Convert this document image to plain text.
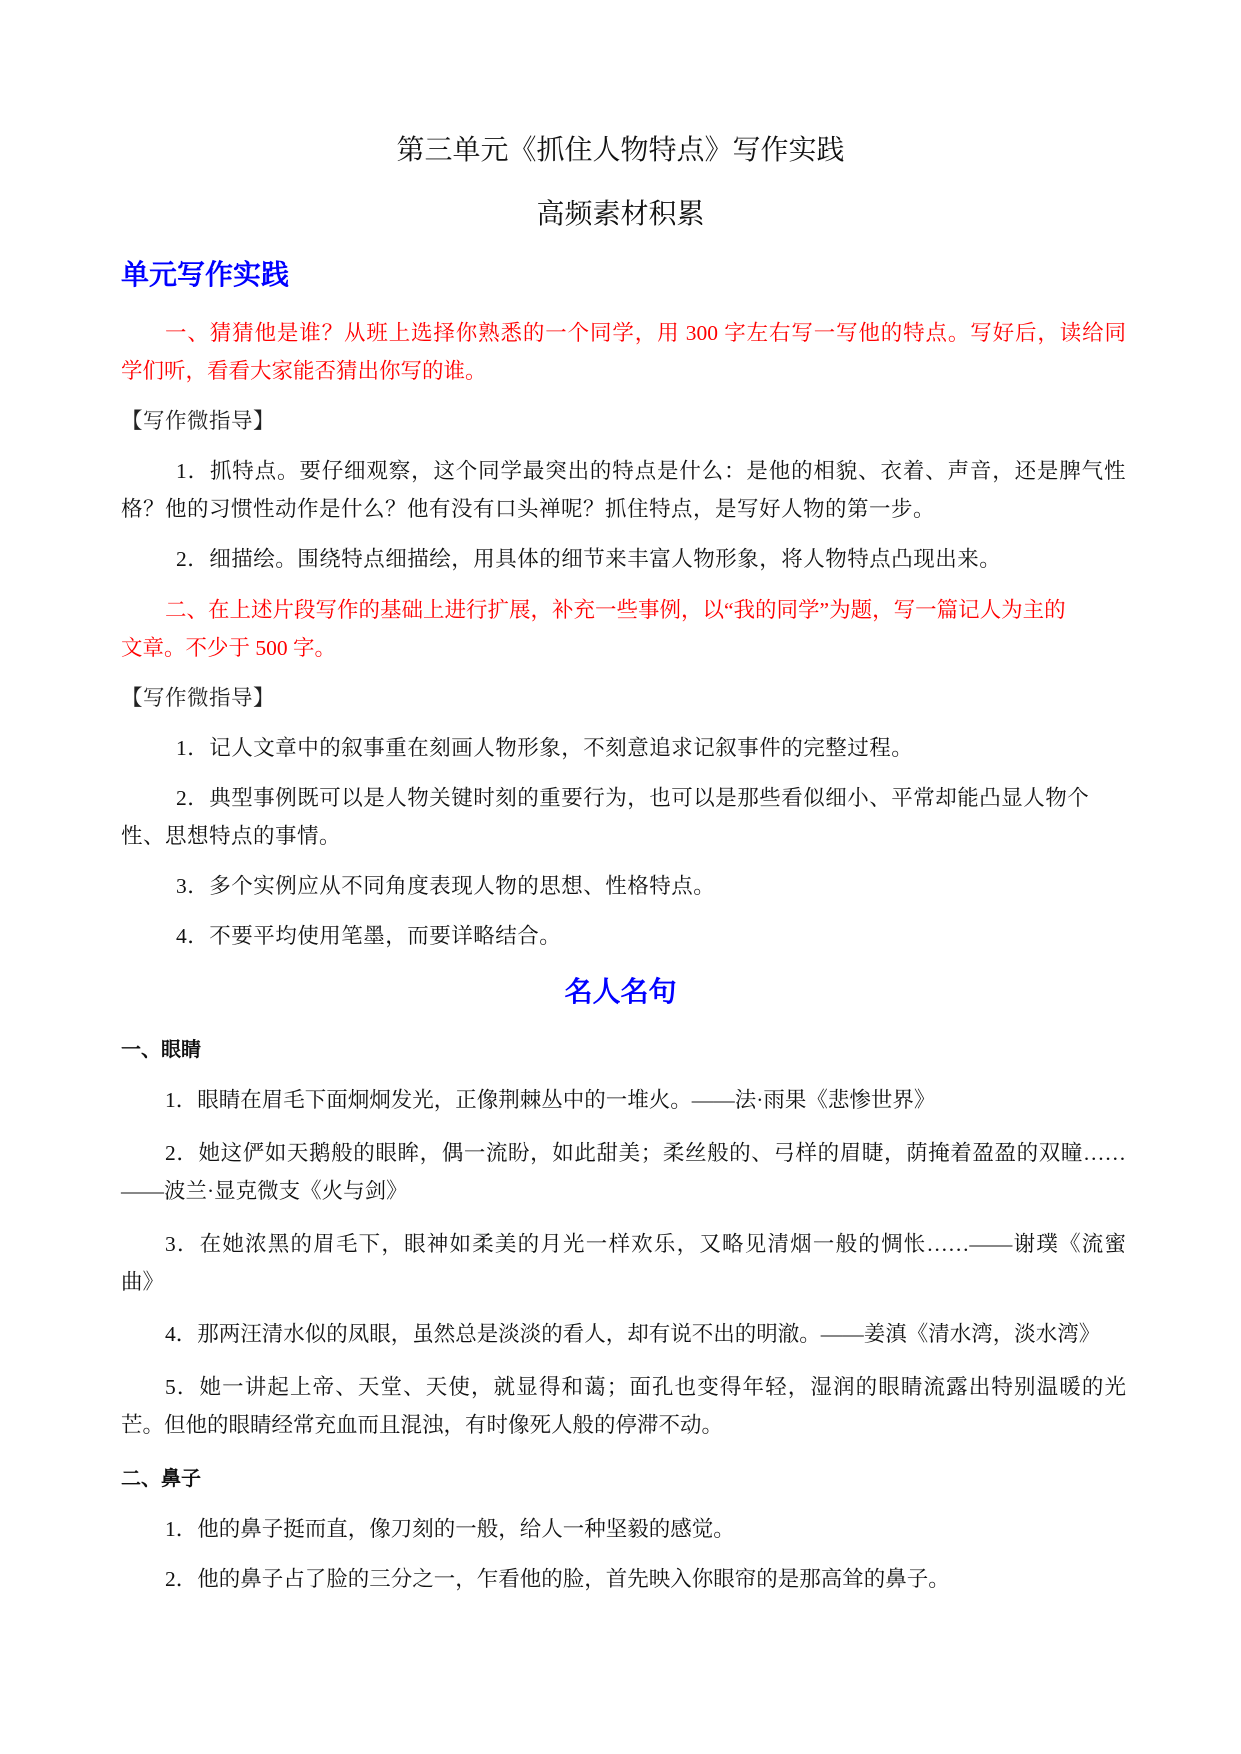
第三单元《抓住人物特点》写作实践
高频素材积累
单元写作实践
一、猜猜他是谁？从班上选择你熟悉的一个同学，用 300 字左右写一写他的特点。写好后，读给同
学们听，看看大家能否猜出你写的谁。
【写作微指导】
1．抓特点。要仔细观察，这个同学最突出的特点是什么：是他的相貌、衣着、声音，还是脾气性
格？他的习惯性动作是什么？他有没有口头禅呢？抓住特点，是写好人物的第一步。
2．细描绘。围绕特点细描绘，用具体的细节来丰富人物形象，将人物特点凸现出来。
二、在上述片段写作的基础上进行扩展，补充一些事例，以“我的同学”为题，写一篇记人为主的
文章。不少于 500 字。
【写作微指导】
1．记人文章中的叙事重在刻画人物形象，不刻意追求记叙事件的完整过程。
2．典型事例既可以是人物关键时刻的重要行为，也可以是那些看似细小、平常却能凸显人物个
性、思想特点的事情。
3．多个实例应从不同角度表现人物的思想、性格特点。
4．不要平均使用笔墨，而要详略结合。
名人名句
一、眼睛
1．眼睛在眉毛下面炯炯发光，正像荆棘丛中的一堆火。——法·雨果《悲惨世界》
2．她这俨如天鹅般的眼眸，偶一流盼，如此甜美；柔丝般的、弓样的眉睫，荫掩着盈盈的双瞳……
——波兰·显克微支《火与剑》
3．在她浓黑的眉毛下，眼神如柔美的月光一样欢乐，又略见清烟一般的惆怅……——谢璞《流蜜
曲》
4．那两汪清水似的凤眼，虽然总是淡淡的看人，却有说不出的明澈。——姜滇《清水湾，淡水湾》
5．她一讲起上帝、天堂、天使，就显得和蔼；面孔也变得年轻，湿润的眼睛流露出特别温暖的光
芒。但他的眼睛经常充血而且混浊，有时像死人般的停滞不动。
二、鼻子
1．他的鼻子挺而直，像刀刻的一般，给人一种坚毅的感觉。
2．他的鼻子占了脸的三分之一，乍看他的脸，首先映入你眼帘的是那高耸的鼻子。
